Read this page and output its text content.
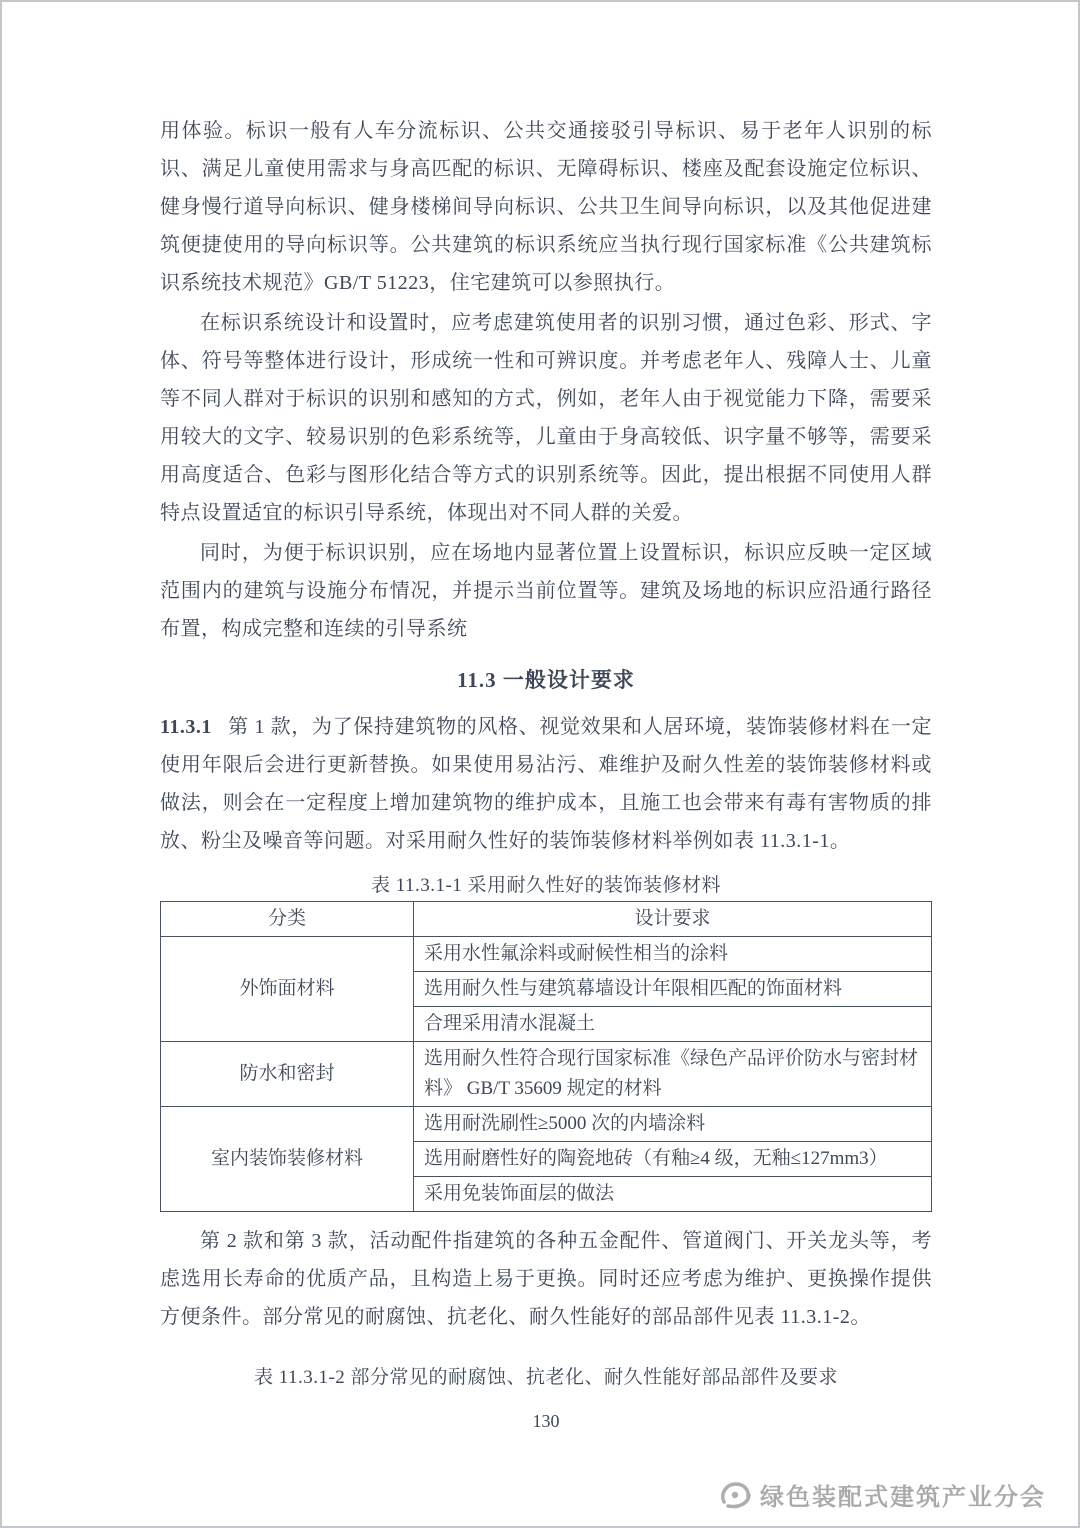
用体验。标识一般有人车分流标识、公共交通接驳引导标识、易于老年人识别的标识、满足儿童使用需求与身高匹配的标识、无障碍标识、楼座及配套设施定位标识、健身慢行道导向标识、健身楼梯间导向标识、公共卫生间导向标识，以及其他促进建筑便捷使用的导向标识等。公共建筑的标识系统应当执行现行国家标准《公共建筑标识系统技术规范》GB/T 51223，住宅建筑可以参照执行。

在标识系统设计和设置时，应考虑建筑使用者的识别习惯，通过色彩、形式、字体、符号等整体进行设计，形成统一性和可辨识度。并考虑老年人、残障人士、儿童等不同人群对于标识的识别和感知的方式，例如，老年人由于视觉能力下降，需要采用较大的文字、较易识别的色彩系统等，儿童由于身高较低、识字量不够等，需要采用高度适合、色彩与图形化结合等方式的识别系统等。因此，提出根据不同使用人群特点设置适宜的标识引导系统，体现出对不同人群的关爱。

同时，为便于标识识别，应在场地内显著位置上设置标识，标识应反映一定区域范围内的建筑与设施分布情况，并提示当前位置等。建筑及场地的标识应沿通行路径布置，构成完整和连续的引导系统

11.3 一般设计要求

11.3.1 第 1 款，为了保持建筑物的风格、视觉效果和人居环境，装饰装修材料在一定使用年限后会进行更新替换。如果使用易沾污、难维护及耐久性差的装饰装修材料或做法，则会在一定程度上增加建筑物的维护成本，且施工也会带来有毒有害物质的排放、粉尘及噪音等问题。对采用耐久性好的装饰装修材料举例如表 11.3.1-1。

表 11.3.1-1 采用耐久性好的装饰装修材料
分类	设计要求
外饰面材料	采用水性氟涂料或耐候性相当的涂料
	选用耐久性与建筑幕墙设计年限相匹配的饰面材料
	合理采用清水混凝土
防水和密封	选用耐久性符合现行国家标准《绿色产品评价防水与密封材料》 GB/T 35609 规定的材料
室内装饰装修材料	选用耐洗刷性≥5000 次的内墙涂料
	选用耐磨性好的陶瓷地砖（有釉≥4 级，无釉≤127mm3）
	采用免装饰面层的做法

第 2 款和第 3 款，活动配件指建筑的各种五金配件、管道阀门、开关龙头等，考虑选用长寿命的优质产品，且构造上易于更换。同时还应考虑为维护、更换操作提供方便条件。部分常见的耐腐蚀、抗老化、耐久性能好的部品部件见表 11.3.1-2。

表 11.3.1-2 部分常见的耐腐蚀、抗老化、耐久性能好部品部件及要求
130
绿色装配式建筑产业分会
